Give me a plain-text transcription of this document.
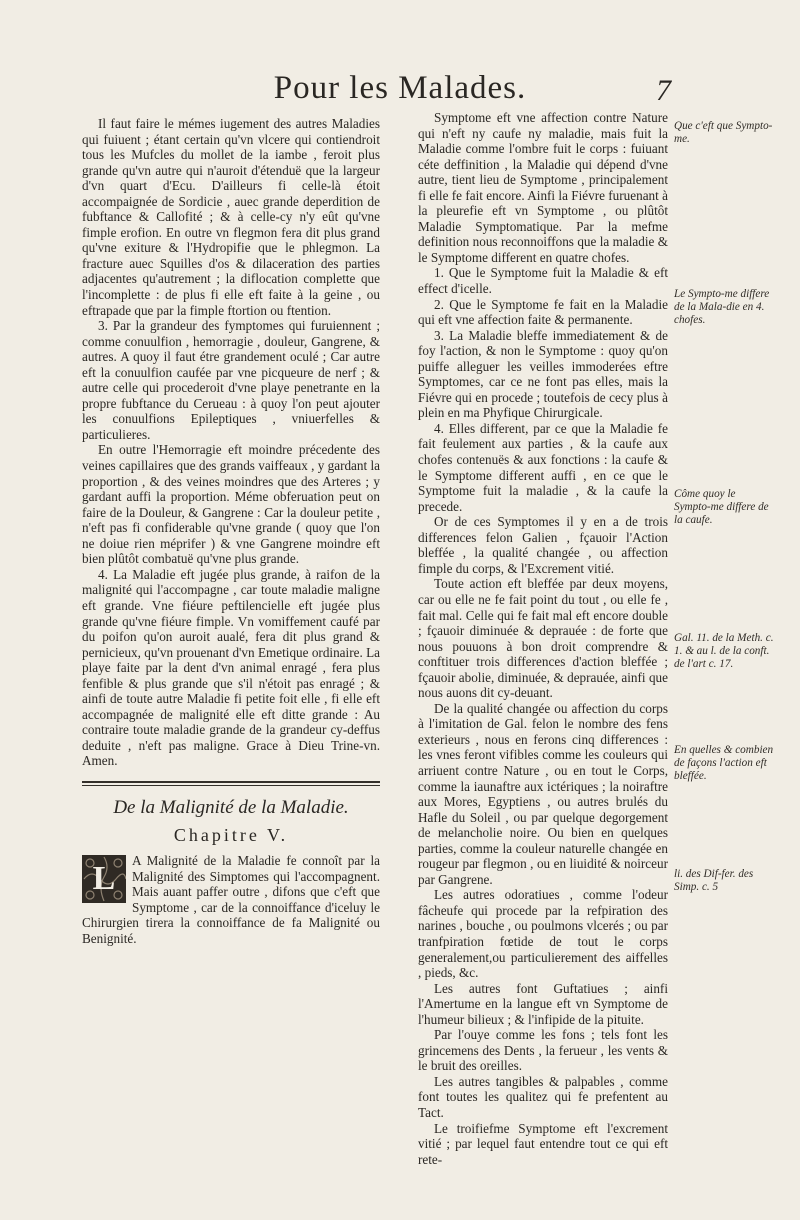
Pour les Malades.	7

Il faut faire le mémes iugement des autres Maladies qui fuiuent ; étant certain qu'vn vlcere qui contiendroit tous les Mufcles du mollet de la iambe , feroit plus grande qu'vn autre qui n'auroit d'étenduë que la largeur d'vn quart d'Ecu. D'ailleurs fi celle-là étoit accompaignée de Sordicie , auec grande deperdition de fubftance & Callofité ; & à celle-cy n'y eût qu'vne fimple erofion. En outre vn flegmon fera dit plus grand qu'vne exiture & l'Hydropifie que le phlegmon. La fracture auec Squilles d'os & dilaceration des parties adjacentes qu'autrement ; la diflocation complette que l'incomplette : de plus fi elle eft faite à la geine , ou eftrapade que par la fimple ftortion ou ftention.

3. Par la grandeur des fymptomes qui furuiennent ; comme conuulfion , hemorragie , douleur, Gangrene, & autres. A quoy il faut étre grandement oculé ; Car autre eft la conuulfion caufée par vne picqueure de nerf ; & autre celle qui procederoit d'vne playe penetrante en la propre fubftance du Cerueau : à quoy l'on peut ajouter les conuulfions Epileptiques , vniuerfelles & particulieres.

En outre l'Hemorragie eft moindre précedente des veines capillaires que des grands vaiffeaux , y gardant la proportion , & des veines moindres que des Arteres ; y gardant auffi la proportion. Méme obferuation peut on faire de la Douleur, & Gangrene : Car la douleur petite , n'eft pas fi confiderable qu'vne grande ( quoy que l'on ne doiue rien méprifer ) & vne Gangrene moindre eft bien plûtôt combatuë qu'vne plus grande.

4. La Maladie eft jugée plus grande, à raifon de la malignité qui l'accompagne , car toute maladie maligne eft grande. Vne fiéure peftilencielle eft jugée plus grande qu'vne fiéure fimple. Vn vomiffement caufé par du poifon qu'on auroit aualé, fera dit plus grand & pernicieux, qu'vn prouenant d'vn Emetique ordinaire. La playe faite par la dent d'vn animal enragé , fera plus fenfible & plus grande que s'il n'étoit pas enragé ; & ainfi de toute autre Maladie fi petite foit elle , fi elle eft accompagnée de malignité elle eft ditte grande : Au contraire toute maladie grande de la grandeur cy-deffus deduite , n'eft pas maligne. Grace à Dieu Trine-vn. Amen.

De la Malignité de la Maladie.
Chapitre V.
L	A Malignité de la Maladie fe connoît par la Malignité des Simptomes qui l'accompagnent. Mais auant paffer outre , difons que c'eft que Symptome , car de la connoiffance d'iceluy le Chirurgien tirera la connoiffance de fa Malignité ou Benignité.

Symptome eft vne affection contre Nature qui n'eft ny caufe ny maladie, mais fuit la Maladie comme l'ombre fuit le corps : fuiuant céte deffinition , la Maladie qui dépend d'vne autre, tient lieu de Symptome , principalement fi elle fe fait encore. Ainfi la Fiévre furuenant à la pleurefie eft vn Symptome , ou plûtôt Maladie Symptomatique. Par la mefme definition nous reconnoiffons que la maladie & le Symptome different en quatre chofes.

1. Que le Symptome fuit la Maladie & eft effect d'icelle.

2. Que le Symptome fe fait en la Maladie qui eft vne affection faite & permanente.

3. La Maladie bleffe immediatement & de foy l'action, & non le Symptome : quoy qu'on puiffe alleguer les veilles immoderées eftre Symptomes, car ce ne font pas elles, mais la Fiévre qui en procede ; toutefois de cecy plus à plein en ma Phyfique Chirurgicale.

4. Elles different, par ce que la Maladie fe fait feulement aux parties , & la caufe aux chofes contenuës & aux fonctions : la caufe & le Symptome different auffi , en ce que le Symptome fuit la maladie , & la caufe la precede.

Or de ces Symptomes il y en a de trois differences felon Galien , fçauoir l'Action bleffée , la qualité changée , ou affection fimple du corps, & l'Excrement vitié.

Toute action eft bleffée par deux moyens, car ou elle ne fe fait point du tout , ou elle fe , fait mal. Celle qui fe fait mal eft encore double ; fçauoir diminuée & deprauée : de forte que nous pouuons à bon droit comprendre & conftituer trois differences d'action bleffée ; fçauoir abolie, diminuée, & deprauée, ainfi que nous auons dit cy-deuant.

De la qualité changée ou affection du corps à l'imitation de Gal. felon le nombre des fens exterieurs , nous en ferons cinq differences : les vnes feront vifibles comme les couleurs qui arriuent contre Nature , ou en tout le Corps, comme la iaunaftre aux ictériques ; la noiraftre aux Mores, Egyptiens , ou autres brulés du Hafle du Soleil , ou par quelque degorgement de melancholie noire. Ou bien en quelques parties, comme la couleur naturelle changée en rougeur par flegmon , ou en liuidité & noirceur par Gangrene.

Les autres odoratiues , comme l'odeur fâcheufe qui procede par la refpiration des narines , bouche , ou poulmons vlcerés ; ou par tranfpiration fœtide de tout le corps generalement,ou particulierement des aiffelles , pieds, &c.

Les autres font Guftatiues ; ainfi l'Amertume en la langue eft vn Symptome de l'humeur bilieux ; & l'infipide de la pituite.

Par l'ouye comme les fons ; tels font les grincemens des Dents , la ferueur , les vents & le bruit des oreilles.

Les autres tangibles & palpables , comme font toutes les qualitez qui fe prefentent au Tact.

Le troifiefme Symptome eft l'excrement vitié ; par lequel faut entendre tout ce qui eft rete-

Que c'eft que Sympto-me.
Le Sympto-me differe de la Mala-die en 4. chofes.
Côme quoy le Sympto-me differe de la caufe.
Gal. 11. de la Meth. c. 1. & au l. de la conft. de l'art c. 17.
En quelles & combien de façons l'action eft bleffée.
li. des Dif-fer. des Simp. c. 5
